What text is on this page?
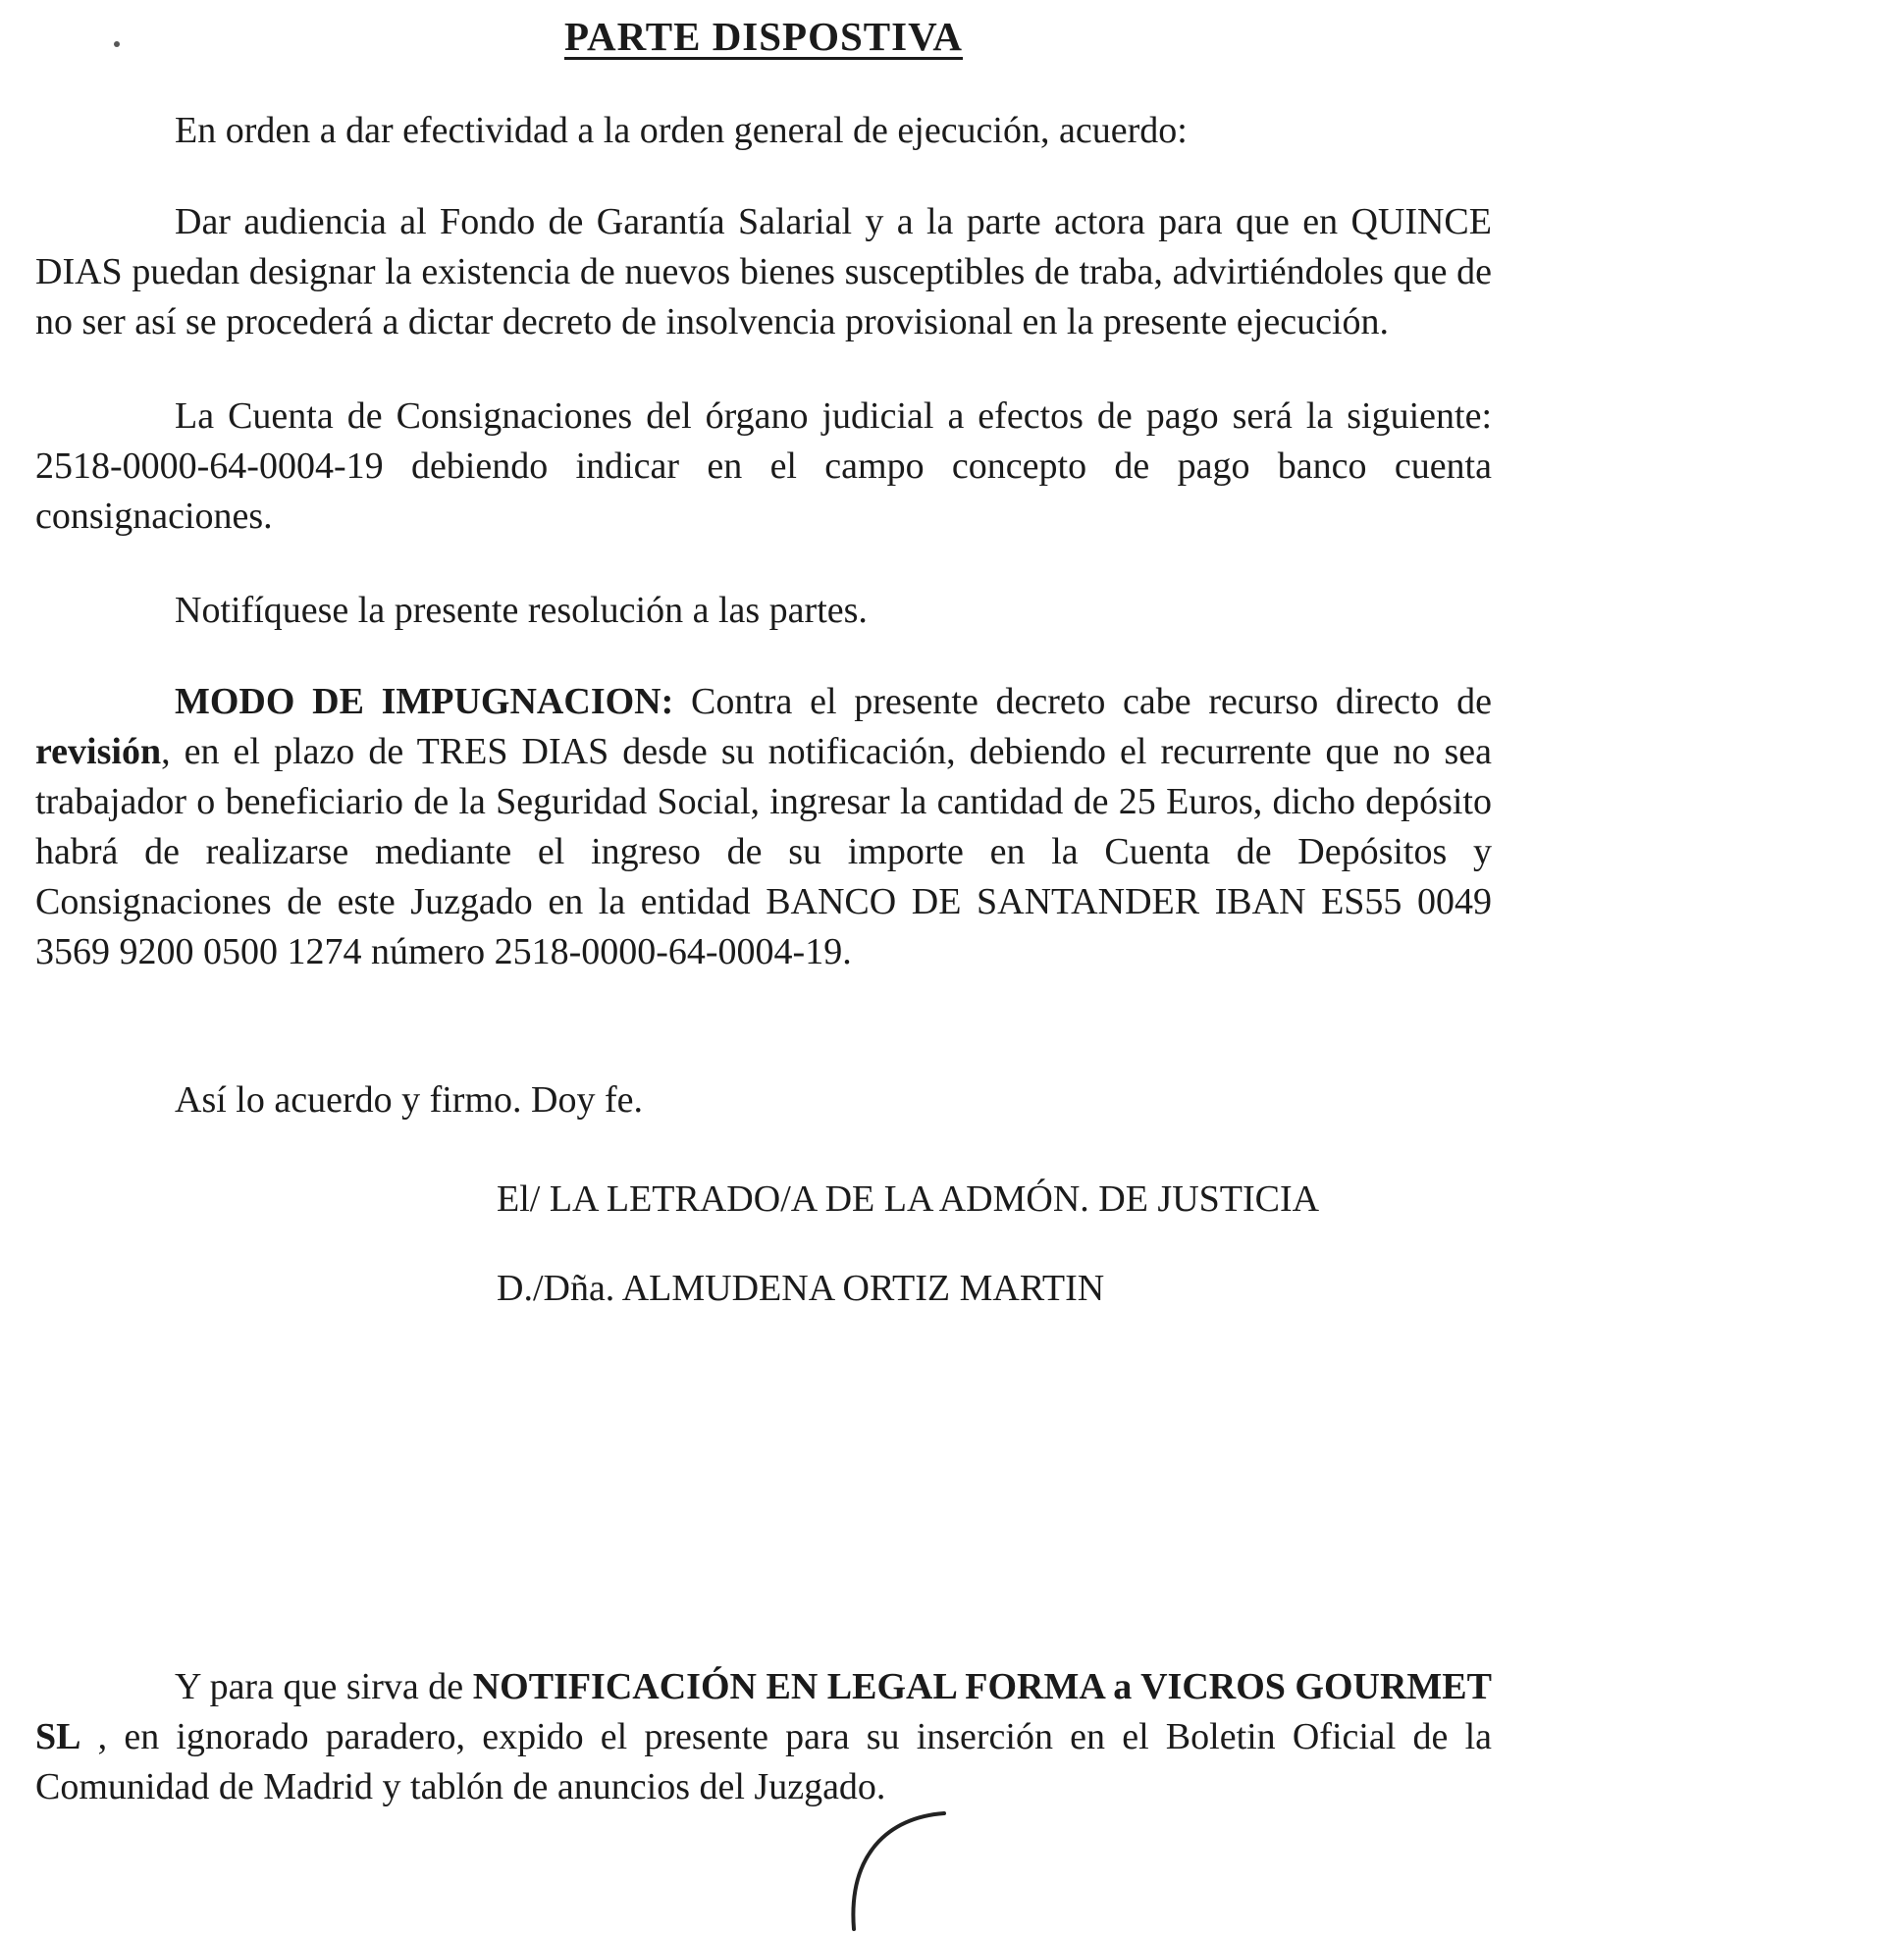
PARTE DISPOSTIVA

En orden a dar efectividad a la orden general de ejecución, acuerdo:

Dar audiencia al Fondo de Garantía Salarial y a la parte actora para que en QUINCE DIAS puedan designar la existencia de nuevos bienes susceptibles de traba, advirtiéndoles que de no ser así se procederá a dictar decreto de insolvencia provisional en la presente ejecución.

La Cuenta de Consignaciones del órgano judicial a efectos de pago será la siguiente: 2518-0000-64-0004-19 debiendo indicar en el campo concepto de pago banco cuenta consignaciones.

Notifíquese la presente resolución a las partes.

MODO DE IMPUGNACION: Contra el presente decreto cabe recurso directo de revisión, en el plazo de TRES DIAS desde su notificación, debiendo el recurrente que no sea trabajador o beneficiario de la Seguridad Social, ingresar la cantidad de 25 Euros, dicho depósito habrá de realizarse mediante el ingreso de su importe en la Cuenta de Depósitos y Consignaciones de este Juzgado en la entidad BANCO DE SANTANDER IBAN ES55 0049 3569 9200 0500 1274 número 2518-0000-64-0004-19.

Así lo acuerdo y firmo. Doy fe.

El/ LA LETRADO/A DE LA ADMÓN. DE JUSTICIA

D./Dña. ALMUDENA ORTIZ MARTIN

Y para que sirva de NOTIFICACIÓN EN LEGAL FORMA a VICROS GOURMET SL , en ignorado paradero, expido el presente para su inserción en el Boletin Oficial de la Comunidad de Madrid y tablón de anuncios del Juzgado.
